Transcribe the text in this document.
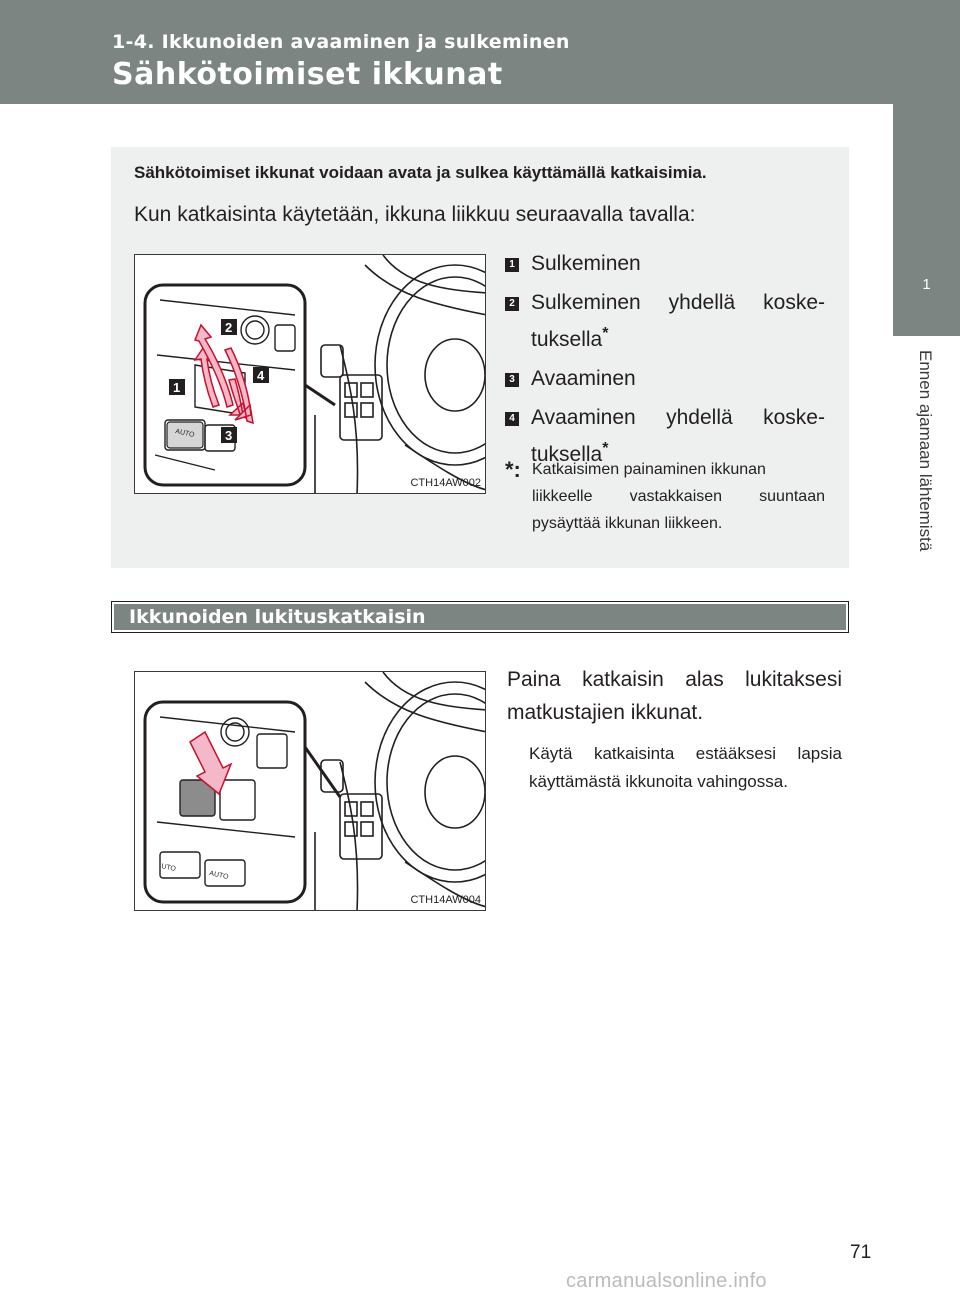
1-4. Ikkunoiden avaaminen ja sulkeminen
Sähkötoimiset ikkunat
1
Ennen ajamaan lähtemistä
Sähkötoimiset ikkunat voidaan avata ja sulkea käyttämällä katkaisimia.
Kun katkaisinta käytetään, ikkuna liikkuu seuraavalla tavalla:
AUTO
2
1
4
3
CTH14AW002
1 Sulkeminen
2 Sulkeminen yhdellä koske-
tuksella*
3 Avaaminen
4 Avaaminen yhdellä koske-
tuksella*
*: Katkaisimen painaminen ikkunan
liikkeelle vastakkaisen suuntaan
pysäyttää ikkunan liikkeen.
Ikkunoiden lukituskatkaisin
UTO
AUTO
CTH14AW004
Paina katkaisin alas lukitaksesi
matkustajien ikkunat.
Käytä katkaisinta estääksesi lapsia
käyttämästä ikkunoita vahingossa.
71
carmanualsonline.info
